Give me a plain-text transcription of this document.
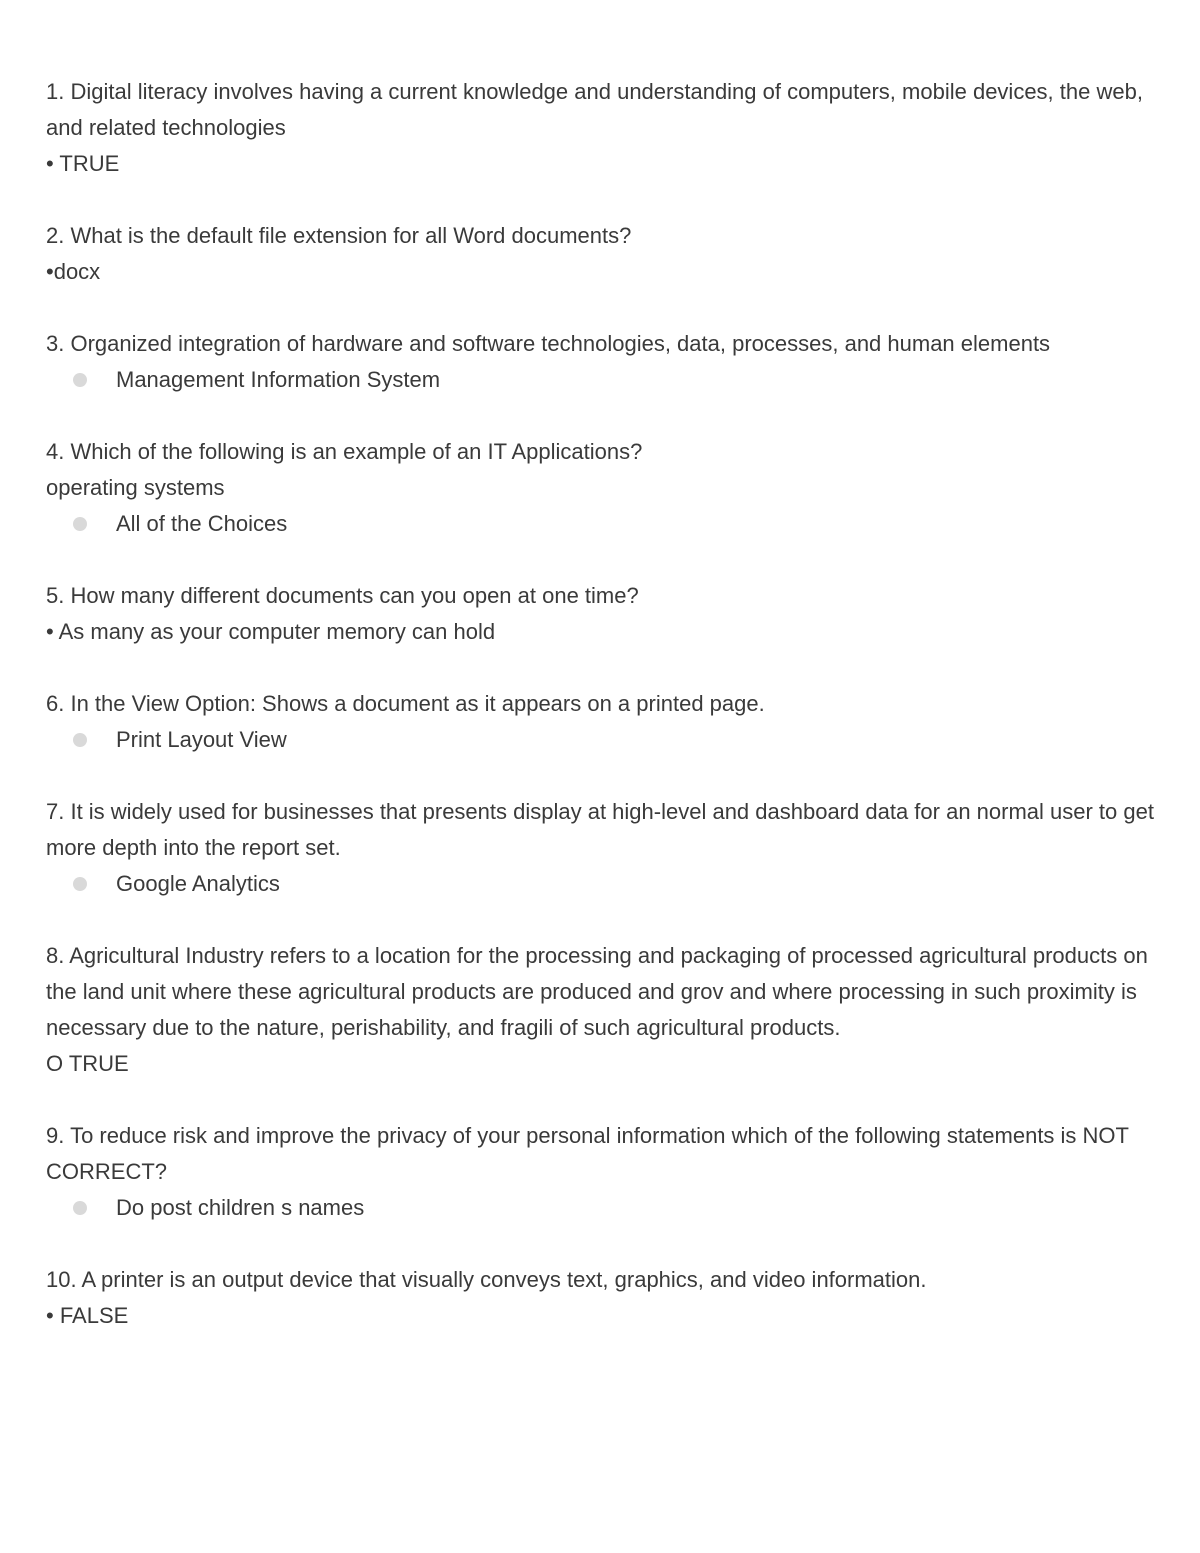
1. Digital literacy involves having a current knowledge and understanding of computers, mobile devices, the web, and related technologies

• TRUE

2. What is the default file extension for all Word documents?

•docx

3. Organized integration of hardware and software technologies, data, processes, and human elements

Management Information System

4. Which of the following is an example of an IT Applications?

operating systems

All of the Choices

5. How many different documents can you open at one time?

• As many as your computer memory can hold

6. In the View Option: Shows a document as it appears on a printed page.

Print Layout View

7. It is widely used for businesses that presents display at high-level and dashboard data for an normal user to get more depth into the report set.

Google Analytics

8. Agricultural Industry refers to a location for the processing and packaging of processed agricultural products on the land unit where these agricultural products are produced and grov and where processing in such proximity is necessary due to the nature, perishability, and fragili of such agricultural products.

O TRUE

9. To reduce risk and improve the privacy of your personal information which of the following statements is NOT CORRECT?

Do post children s names

10. A printer is an output device that visually conveys text, graphics, and video information.

• FALSE
